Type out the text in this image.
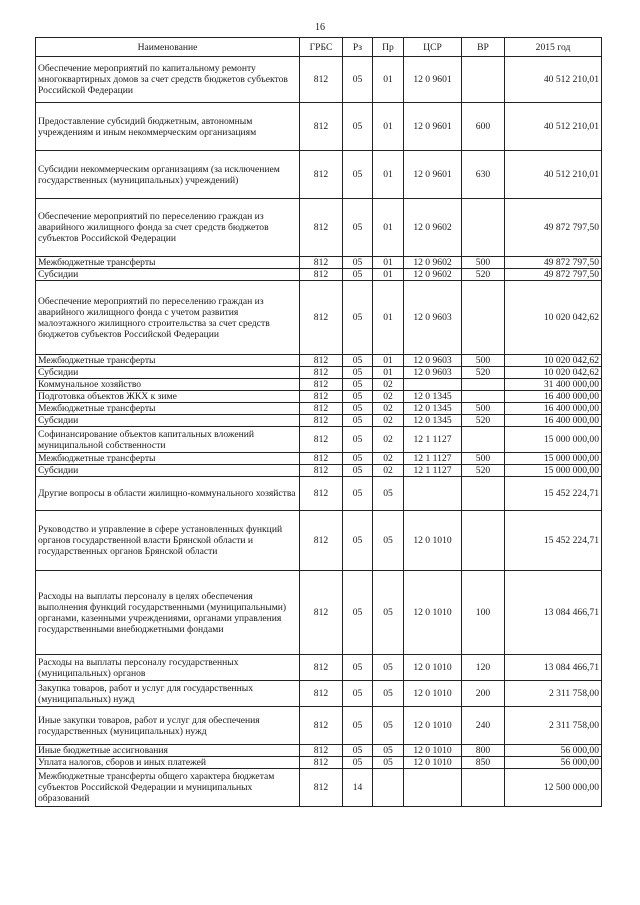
16
Наименование	ГРБС	Рз	Пр	ЦСР	ВР	2015 год
Обеспечение мероприятий по капитальному ремонту многоквартирных домов за счет средств бюджетов субъектов Российской Федерации	812	05	01	12 0 9601		40 512 210,01
Предоставление субсидий бюджетным, автономным учреждениям и иным некоммерческим организациям	812	05	01	12 0 9601	600	40 512 210,01
Субсидии некоммерческим организациям (за исключением государственных (муниципальных) учреждений)	812	05	01	12 0 9601	630	40 512 210,01
Обеспечение мероприятий по переселению граждан из аварийного жилищного фонда за счет средств бюджетов субъектов Российской Федерации	812	05	01	12 0 9602		49 872 797,50
Межбюджетные трансферты	812	05	01	12 0 9602	500	49 872 797,50
Субсидии	812	05	01	12 0 9602	520	49 872 797,50
Обеспечение мероприятий по переселению граждан из аварийного жилищного фонда с учетом развития малоэтажного жилищного строительства за счет средств бюджетов субъектов Российской Федерации	812	05	01	12 0 9603		10 020 042,62
Межбюджетные трансферты	812	05	01	12 0 9603	500	10 020 042,62
Субсидии	812	05	01	12 0 9603	520	10 020 042,62
Коммунальное хозяйство	812	05	02			31 400 000,00
Подготовка объектов ЖКХ к зиме	812	05	02	12 0 1345		16 400 000,00
Межбюджетные трансферты	812	05	02	12 0 1345	500	16 400 000,00
Субсидии	812	05	02	12 0 1345	520	16 400 000,00
Софинансирование объектов капитальных вложений муниципальной собственности	812	05	02	12 1 1127		15 000 000,00
Межбюджетные трансферты	812	05	02	12 1 1127	500	15 000 000,00
Субсидии	812	05	02	12 1 1127	520	15 000 000,00
Другие вопросы в области жилищно-коммунального хозяйства	812	05	05			15 452 224,71
Руководство и управление в сфере установленных функций органов государственной власти Брянской области и государственных органов Брянской области	812	05	05	12 0 1010		15 452 224,71
Расходы на выплаты персоналу в целях обеспечения выполнения функций государственными (муниципальными) органами, казенными учреждениями, органами управления государственными внебюджетными фондами	812	05	05	12 0 1010	100	13 084 466,71
Расходы на выплаты персоналу государственных (муниципальных) органов	812	05	05	12 0 1010	120	13 084 466,71
Закупка товаров, работ и услуг для государственных (муниципальных) нужд	812	05	05	12 0 1010	200	2 311 758,00
Иные закупки товаров, работ и услуг для обеспечения государственных (муниципальных) нужд	812	05	05	12 0 1010	240	2 311 758,00
Иные бюджетные ассигнования	812	05	05	12 0 1010	800	56 000,00
Уплата налогов, сборов и иных платежей	812	05	05	12 0 1010	850	56 000,00
Межбюджетные трансферты общего характера бюджетам субъектов Российской Федерации и муниципальных образований	812	14				12 500 000,00
